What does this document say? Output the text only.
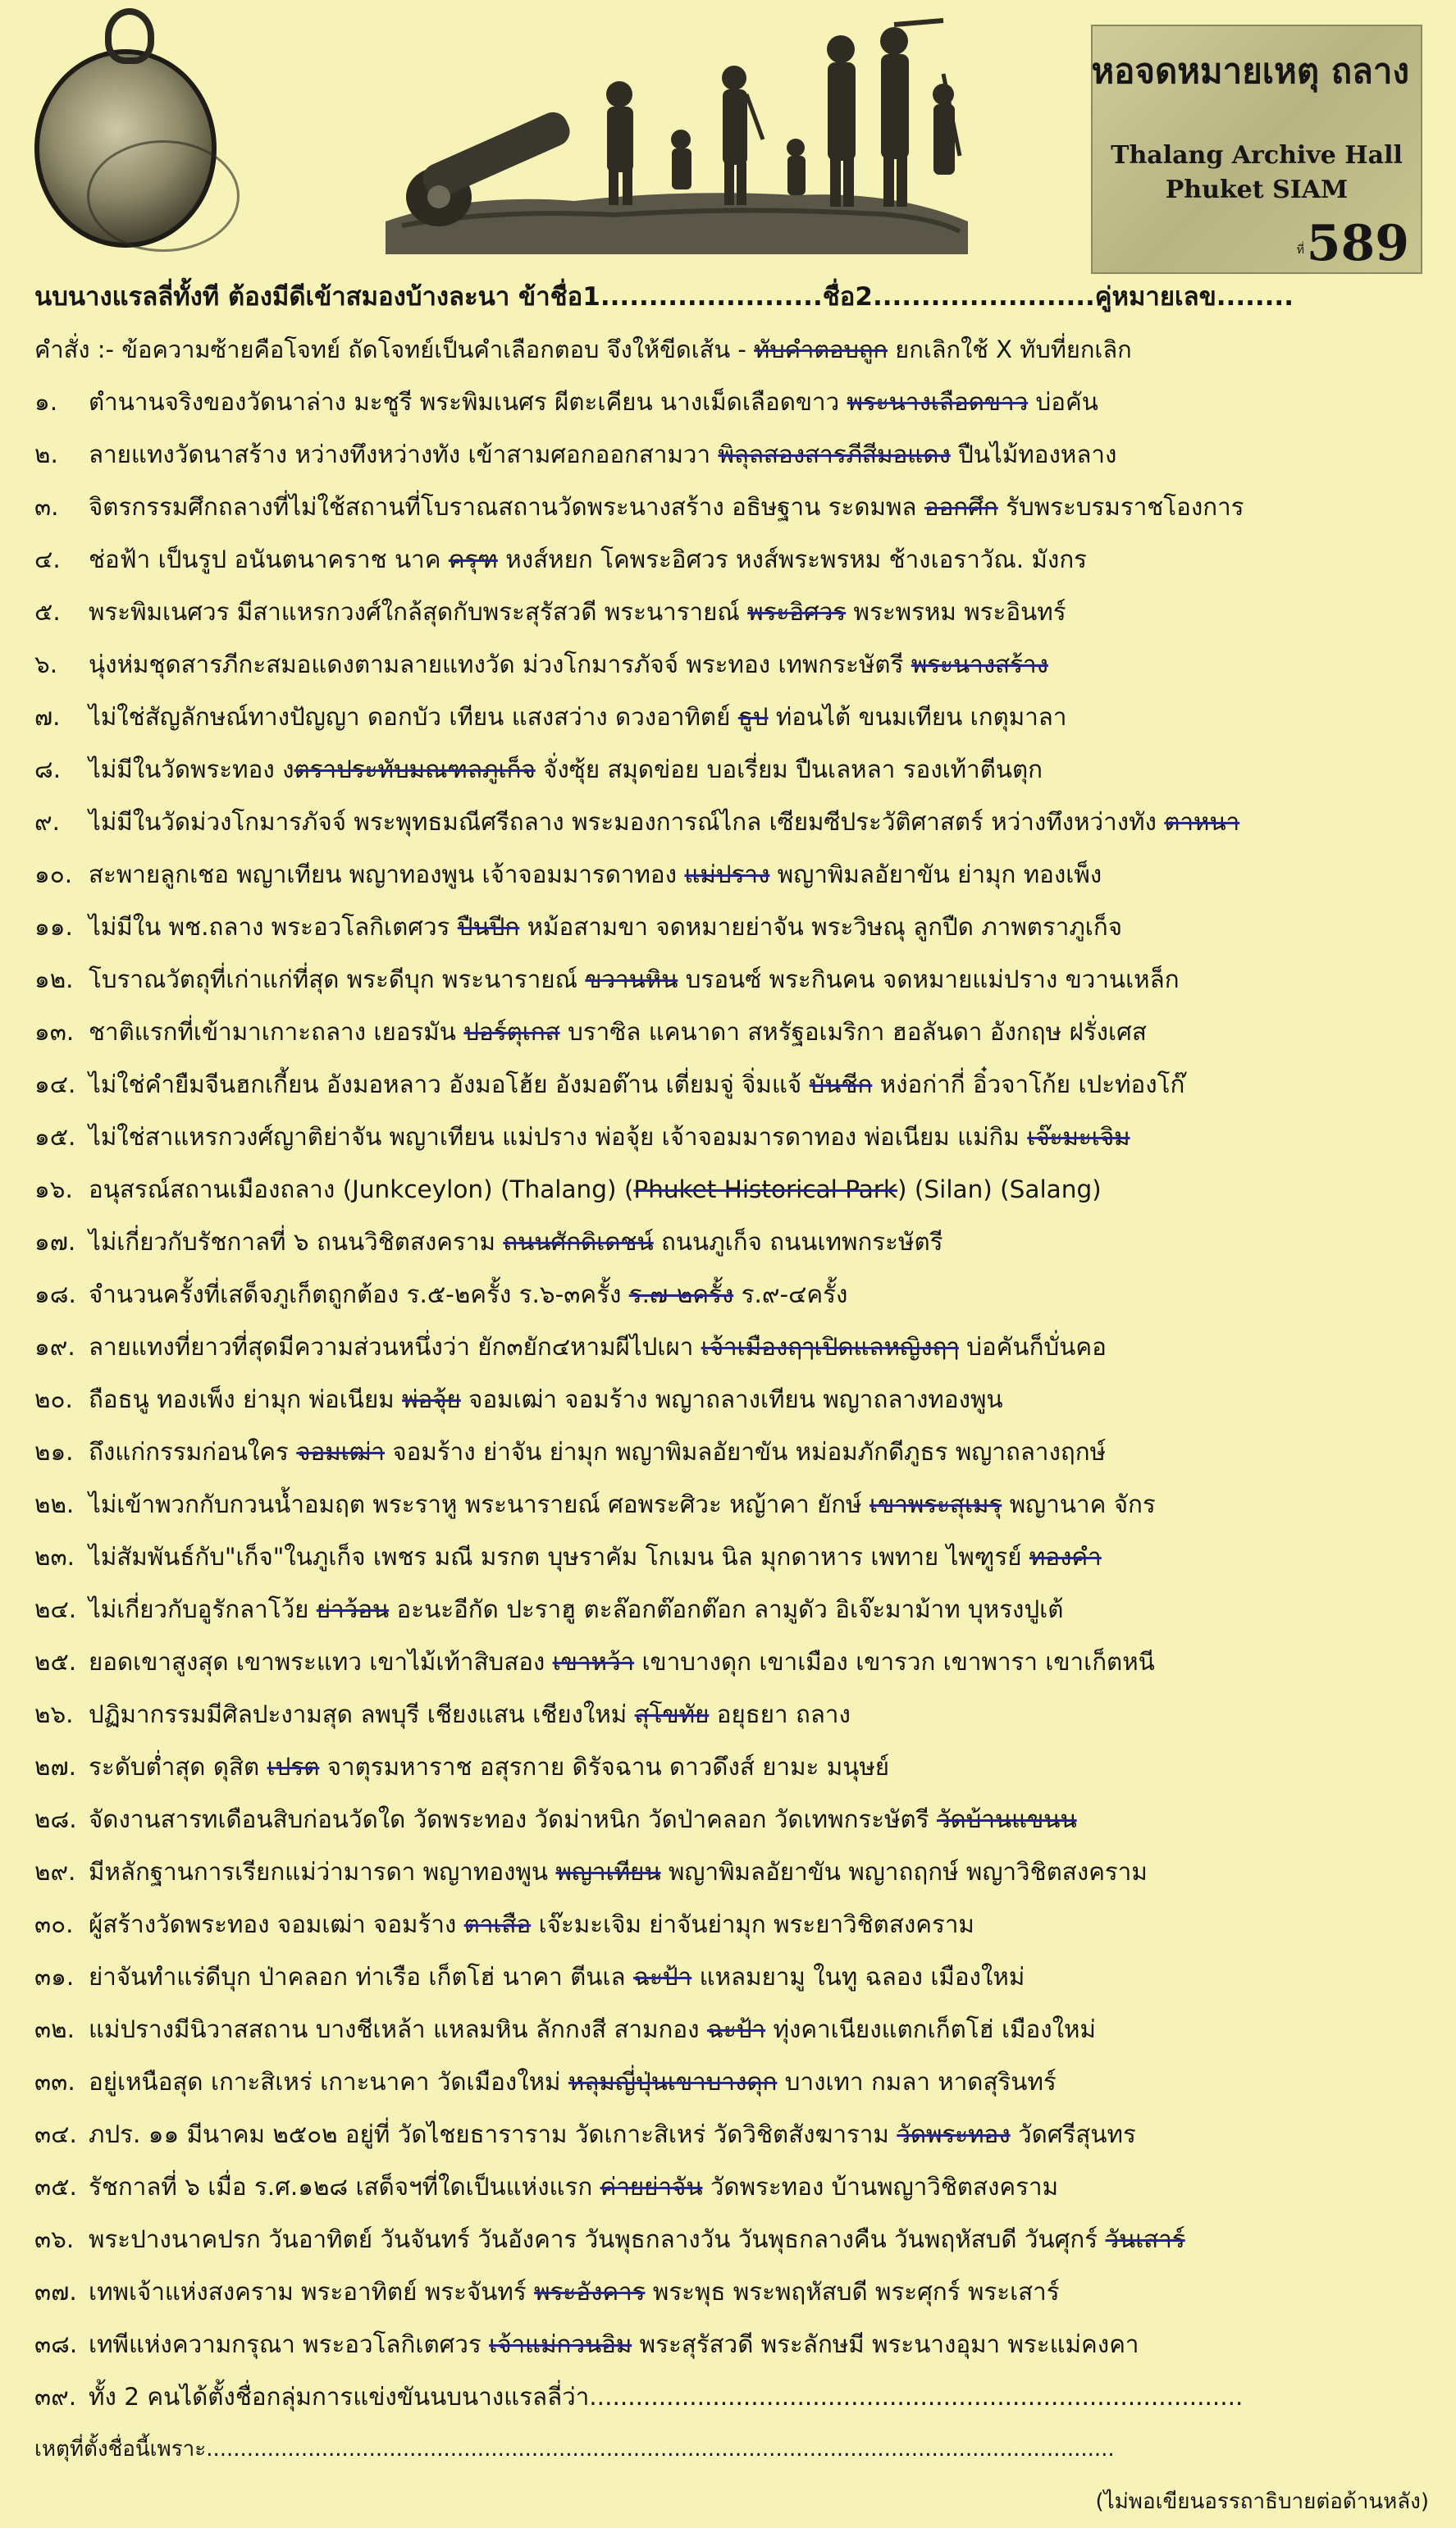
หอจดหมายเหตุ ถลาง
Thalang Archive Hall
Phuket SIAM
ที่ 589
นบนางแรลลี่ทั้งที ต้องมีดีเข้าสมองบ้างละนา ข้าชื่อ1.......................ชื่อ2.......................คู่หมายเลข........
คำสั่ง :- ข้อความซ้ายคือโจทย์ ถัดโจทย์เป็นคำเลือกตอบ จึงให้ขีดเส้น - ทับคำตอบถูก ยกเลิกใช้ X ทับที่ยกเลิก
๑. ตำนานจริงของวัดนาล่าง มะชูรี พระพิมเนศร ผีตะเคียน นางเม็ดเลือดขาว พระนางเลือดขาว บ่อคัน
๒. ลายแทงวัดนาสร้าง หว่างทึงหว่างทัง เข้าสามศอกออกสามวา พิลุลสองสารภีสีมอแดง ปืนไม้ทองหลาง
๓. จิตรกรรมศึกถลางที่ไม่ใช้สถานที่โบราณสถานวัดพระนางสร้าง อธิษฐาน ระดมพล ออกศึก รับพระบรมราชโองการ
๔. ช่อฟ้า เป็นรูป อนันตนาคราช นาค ครุฑ หงส์หยก โคพระอิศวร หงส์พระพรหม ช้างเอราวัณ. มังกร
๕. พระพิมเนศวร มีสาแหรกวงศ์ใกล้สุดกับพระสุรัสวดี พระนารายณ์ พระอิศวร พระพรหม พระอินทร์
๖. นุ่งห่มชุดสารภีกะสมอแดงตามลายแทงวัด ม่วงโกมารภัจจ์ พระทอง เทพกระษัตรี พระนางสร้าง
๗. ไม่ใช่สัญลักษณ์ทางปัญญา ดอกบัว เทียน แสงสว่าง ดวงอาทิตย์ ธูป ท่อนไต้ ขนมเทียน เกตุมาลา
๘. ไม่มีในวัดพระทอง งตราประทับมณฑลภูเก็จ จั่งซุ้ย สมุดข่อย บอเรี่ยม ปืนเลหลา รองเท้าตีนตุก
๙. ไม่มีในวัดม่วงโกมารภัจจ์ พระพุทธมณีศรีถลาง พระมองการณ์ไกล เซียมซีประวัติศาสตร์ หว่างทึงหว่างทัง ตาหนา
๑๐. สะพายลูกเชอ พญาเทียน พญาทองพูน เจ้าจอมมารดาทอง แม่ปราง พญาพิมลอัยาขัน ย่ามุก ทองเพ็ง
๑๑. ไม่มีใน พช.ถลาง พระอวโลกิเตศวร ปืนปีก หม้อสามขา จดหมายย่าจัน พระวิษณุ ลูกปืด ภาพตราภูเก็จ
๑๒. โบราณวัตถุที่เก่าแก่ที่สุด พระดีบุก พระนารายณ์ ขวานหิน บรอนซ์ พระกินคน จดหมายแม่ปราง ขวานเหล็ก
๑๓. ชาติแรกที่เข้ามาเกาะถลาง เยอรมัน ปอร์ตุเกส บราซิล แคนาดา สหรัฐอเมริกา ฮอลันดา อังกฤษ ฝรั่งเศส
๑๔. ไม่ใช่คำยืมจีนฮกเกี้ยน อังมอหลาว อังมอโฮ้ย อังมอต๊าน เตี่ยมจู่ จิ่มแจ้ บันชีก หง่อก่ากี่ อิ๋วจาโก้ย เปะท่องโก๊
๑๕. ไม่ใช่สาแหรกวงศ์ญาติย่าจัน พญาเทียน แม่ปราง พ่อจุ้ย เจ้าจอมมารดาทอง พ่อเนียม แม่กิม เจ๊ะมะเจิม
๑๖. อนุสรณ์สถานเมืองถลาง (Junkceylon) (Thalang) (Phuket Historical Park) (Silan) (Salang)
๑๗. ไม่เกี่ยวกับรัชกาลที่ ๖ ถนนวิชิตสงคราม ถนนศักดิเดชน์ ถนนภูเก็จ ถนนเทพกระษัตรี
๑๘. จำนวนครั้งที่เสด็จภูเก็ตถูกต้อง ร.๕-๒ครั้ง ร.๖-๓ครั้ง ร.๗-๒ครั้ง ร.๙-๔ครั้ง
๑๙. ลายแทงที่ยาวที่สุดมีความส่วนหนึ่งว่า ยัก๓ยัก๔หามผีไปเผา เจ้าเมืองฤๅเปิดแลหญิงฤๅ บ่อคันก็บั่นคอ
๒๐. ถือธนู ทองเพ็ง ย่ามุก พ่อเนียม พ่อจุ้ย จอมเฒ่า จอมร้าง พญาถลางเทียน พญาถลางทองพูน
๒๑. ถึงแก่กรรมก่อนใคร จอมเฒ่า จอมร้าง ย่าจัน ย่ามุก พญาพิมลอัยาขัน หม่อมภักดีภูธร พญาถลางฤกษ์
๒๒. ไม่เข้าพวกกับกวนน้ำอมฤต พระราหู พระนารายณ์ ศอพระศิวะ หญ้าคา ยักษ์ เขาพระสุเมรุ พญานาค จักร
๒๓. ไม่สัมพันธ์กับ"เก็จ"ในภูเก็จ เพชร มณี มรกต บุษราคัม โกเมน นิล มุกดาหาร เพทาย ไพฑูรย์ ทองคำ
๒๔. ไม่เกี่ยวกับอูรักลาโว้ย ย่าว้อน อะนะอีกัด ปะราฮู ตะล๊อกต๊อกต๊อก ลามูดัว อิเจ๊ะมาม้าท บุหรงปูเต้
๒๕. ยอดเขาสูงสุด เขาพระแทว เขาไม้เท้าสิบสอง เขาหว้า เขาบางดุก เขาเมือง เขารวก เขาพารา เขาเก็ตหนี
๒๖. ปฏิมากรรมมีศิลปะงามสุด ลพบุรี เชียงแสน เชียงใหม่ สุโขทัย อยุธยา ถลาง
๒๗. ระดับต่ำสุด ดุสิต เปรต จาตุรมหาราช อสุรกาย ดิรัจฉาน ดาวดึงส์ ยามะ มนุษย์
๒๘. จัดงานสารทเดือนสิบก่อนวัดใด วัดพระทอง วัดม่าหนิก วัดป่าคลอก วัดเทพกระษัตรี วัดบ้านแขนน
๒๙. มีหลักฐานการเรียกแม่ว่ามารดา พญาทองพูน พญาเทียน พญาพิมลอัยาขัน พญาถฤกษ์ พญาวิชิตสงคราม
๓๐. ผู้สร้างวัดพระทอง จอมเฒ่า จอมร้าง ตาเสือ เจ๊ะมะเจิม ย่าจันย่ามุก พระยาวิชิตสงคราม
๓๑. ย่าจันทำแร่ดีบุก ป่าคลอก ท่าเรือ เก็ตโฮ่ นาคา ตีนเล ฉะป้า แหลมยามู ในทู ฉลอง เมืองใหม่
๓๒. แม่ปรางมีนิวาสสถาน บางชีเหล้า แหลมหิน ลักกงสี สามกอง ฉะป้า ทุ่งคาเนียงแตกเก็ตโฮ่ เมืองใหม่
๓๓. อยู่เหนือสุด เกาะสิเหร่ เกาะนาคา วัดเมืองใหม่ หลุมญี่ปุ่นเขาบางดุก บางเทา กมลา หาดสุรินทร์
๓๔. ภปร. ๑๑ มีนาคม ๒๕๐๒ อยู่ที่ วัดไชยธาราราม วัดเกาะสิเหร่ วัดวิชิตสังฆาราม วัดพระทอง วัดศรีสุนทร
๓๕. รัชกาลที่ ๖ เมื่อ ร.ศ.๑๒๘ เสด็จฯที่ใดเป็นแห่งแรก ค่ายย่าจัน วัดพระทอง บ้านพญาวิชิตสงคราม
๓๖. พระปางนาคปรก วันอาทิตย์ วันจันทร์ วันอังคาร วันพุธกลางวัน วันพุธกลางคืน วันพฤหัสบดี วันศุกร์ วันเสาร์
๓๗. เทพเจ้าแห่งสงคราม พระอาทิตย์ พระจันทร์ พระอังคาร พระพุธ พระพฤหัสบดี พระศุกร์ พระเสาร์
๓๘. เทพีแห่งความกรุณา พระอวโลกิเตศวร เจ้าแม่กวนอิม พระสุรัสวดี พระลักษมี พระนางอุมา พระแม่คงคา
๓๙. ทั้ง 2 คนได้ตั้งชื่อกลุ่มการแข่งขันนบนางแรลลี่ว่า.....................................................................................
เหตุที่ตั้งชื่อนี้เพราะ......................................................................................................................................
(ไม่พอเขียนอรรถาธิบายต่อด้านหลัง)
